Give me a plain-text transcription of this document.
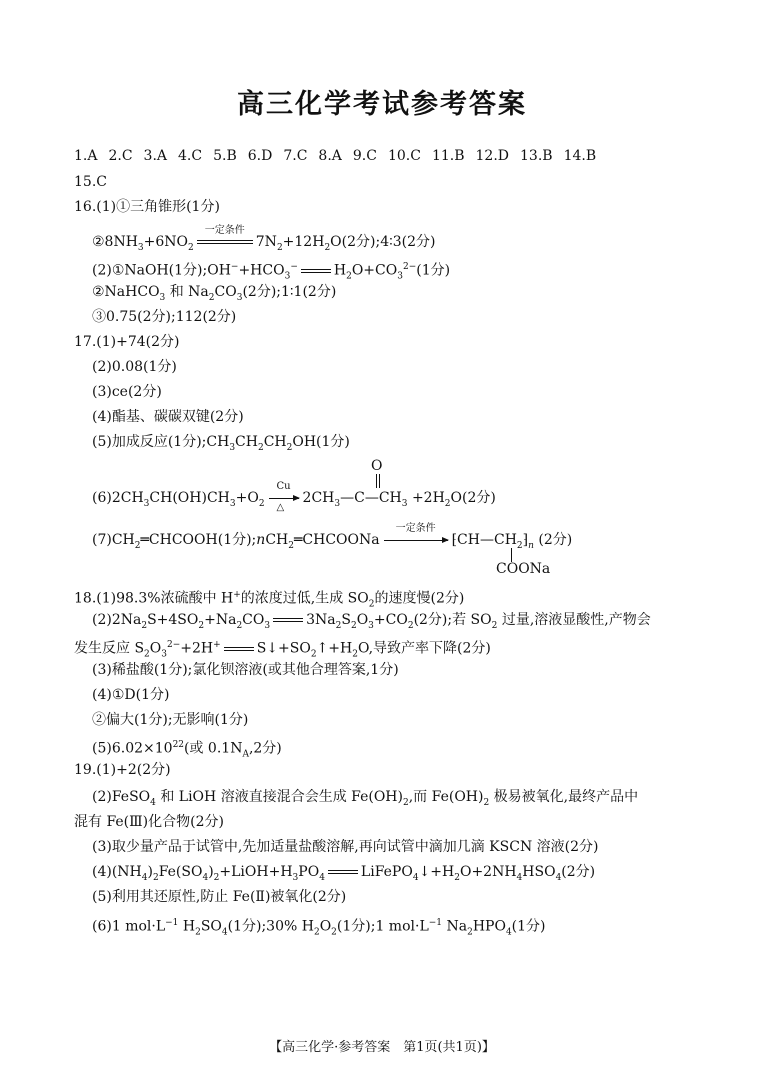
高三化学考试参考答案
1.A 2.C 3.A 4.C 5.B 6.D 7.C 8.A 9.C 10.C 11.B 12.D 13.B 14.B
15.C
16.(1)①三角锥形(1分)
$②8NH_3+6NO_2$
一定条件
$7N_2+12H_2O(2$分);4∶3(2分)
(2)①NaOH(1分)$;OH^-+HCO_3^-$	$H_2O+CO_3^{2-}(1$分)
②NaHCO$_3$ 和 $Na_2CO_3(2$分);1∶1(2分)
③0.75(2分);112(2分)
17.(1)+74(2分)
(2)0.08(1分)
(3)ce(2分)
(4)酯基、碳碳双键(2分)
(5)加成反应(1分)$;CH_3CH_2CH_2OH(1$分)
O
$(6)2CH_3CH(OH)CH_3+O_2$
Cu
△
$2CH_3—C—CH_3 +2H_2O(2$分)
$(7)CH_2═CHCOOH(1$分);nCH$_2$═CHCOONa
一定条件
$⁅CH—CH_2⁆_n$ (2分)
COONa
18.(1)98.3%浓硫酸中 H+的浓度过低,生成 $SO_2$的速度慢(2分)
$(2)2Na_2S+4SO_2+Na_2CO_3$	$3Na_2S_2O_3+CO_2(2$分);若 $SO_2$ 过量,溶液显酸性,产物会
发生反应 $S_2O_3^{2-}+2H^+$	$S↓+SO_2↑+H_2O$,导致产率下降(2分)
(3)稀盐酸(1分);氯化钡溶液(或其他合理答案,1分)
(4)①D(1分)
②偏大(1分);无影响(1分)
$(5)6.02\times 10^{22}$(或 $0.1N_A,2$分)
19.(1)+2(2分)
(2)FeSO$_4$ 和 LiOH 溶液直接混合会生成 $Fe(OH)_2$,而 $Fe(OH)_2$ 极易被氧化,最终产品中
混有 Fe(Ⅲ)化合物(2分)
(3)取少量产品于试管中,先加适量盐酸溶解,再向试管中滴加几滴 KSCN 溶液(2分)
$(4)(NH_4)_2Fe(SO_4)_2+LiOH+H_3PO_4$	$LiFePO_4↓+H_2O+2NH_4HSO_4(2$分)
(5)利用其还原性,防止 Fe(Ⅱ)被氧化(2分)
(6)1 $mol\cdot L^{-1}$ $H_2SO_4(1$分);30% $H_2O_2(1$分);1 $mol\cdot L^{-1}$ $Na_2HPO_4(1$分)
【高三化学·参考答案　第1页(共1页)】
